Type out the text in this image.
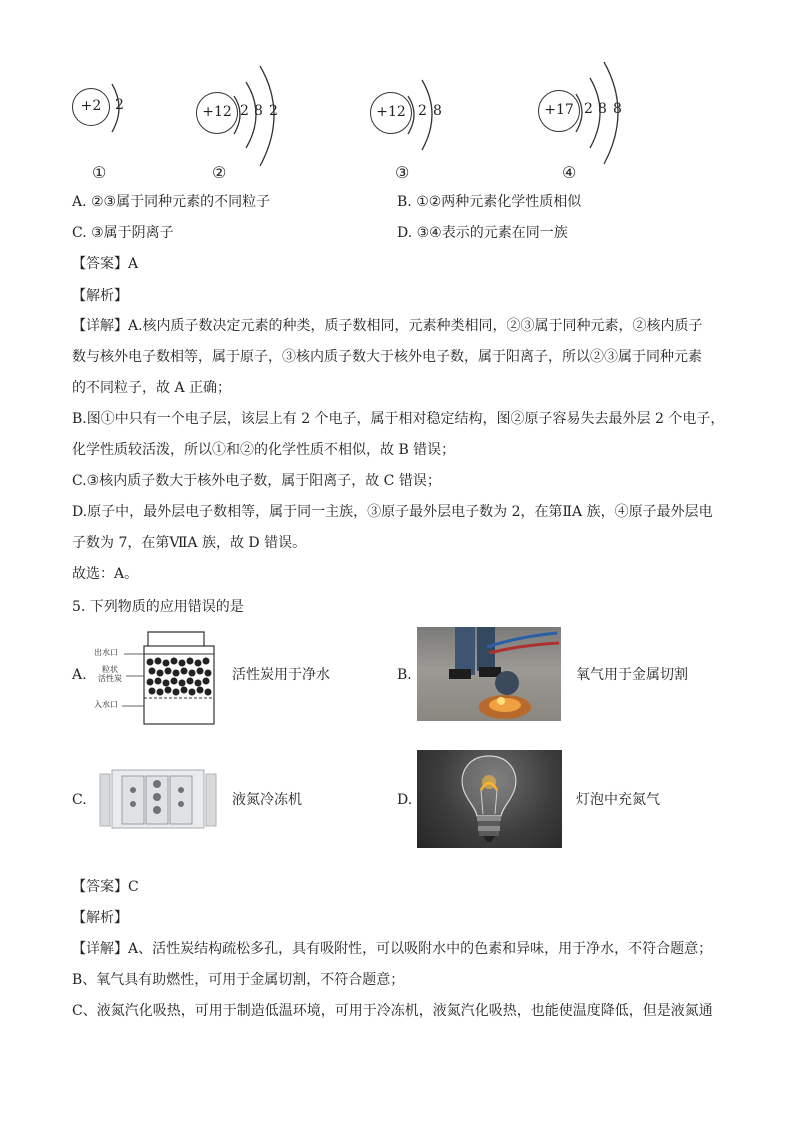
+2 2
①
+12 2 8 2
②
+12 2 8
③
+17 2 8 8
④
A. ②③属于同种元素的不同粒子	B. ①②两种元素化学性质相似
C. ③属于阴离子	D. ③④表示的元素在同一族
【答案】A
【解析】
【详解】A.核内质子数决定元素的种类，质子数相同，元素种类相同，②③属于同种元素，②核内质子
数与核外电子数相等，属于原子，③核内质子数大于核外电子数，属于阳离子，所以②③属于同种元素
的不同粒子，故 A 正确；
B.图①中只有一个电子层，该层上有 2 个电子，属于相对稳定结构，图②原子容易失去最外层 2 个电子，
化学性质较活泼，所以①和②的化学性质不相似，故 B 错误；
C.③核内质子数大于核外电子数，属于阳离子，故 C 错误；
D.原子中，最外层电子数相等，属于同一主族，③原子最外层电子数为 2，在第ⅡA 族，④原子最外层电
子数为 7，在第ⅦA 族，故 D 错误。
故选：A。
5. 下列物质的应用错误的是
A.
出水口
粒状
活性炭
入水口
活性炭用于净水	B.	氧气用于金属切割
C.	液氮冷冻机	D.	灯泡中充氮气
【答案】C
【解析】
【详解】A、活性炭结构疏松多孔，具有吸附性，可以吸附水中的色素和异味，用于净水，不符合题意；
B、氧气具有助燃性，可用于金属切割，不符合题意；
C、液氮汽化吸热，可用于制造低温环境，可用于冷冻机，液氮汽化吸热，也能使温度降低，但是液氮通
